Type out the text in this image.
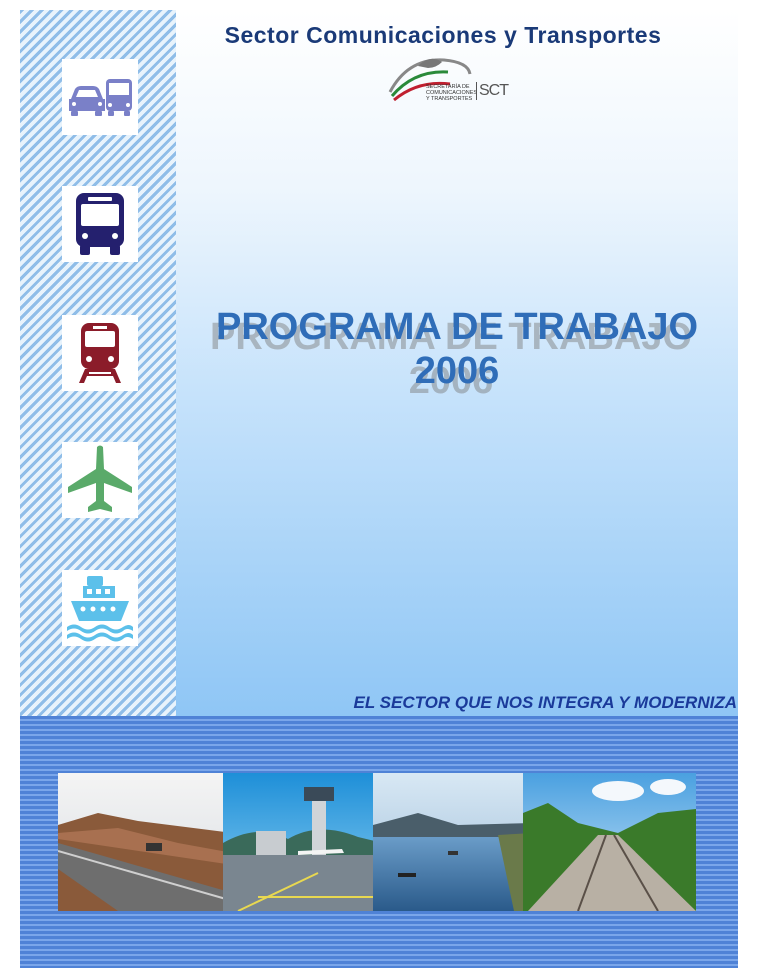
Sector Comunicaciones y Transportes
SECRETARÍA DE COMUNICACIONES Y TRANSPORTES SCT

PROGRAMA DE TRABAJO

2006

EL SECTOR QUE NOS INTEGRA Y MODERNIZA
